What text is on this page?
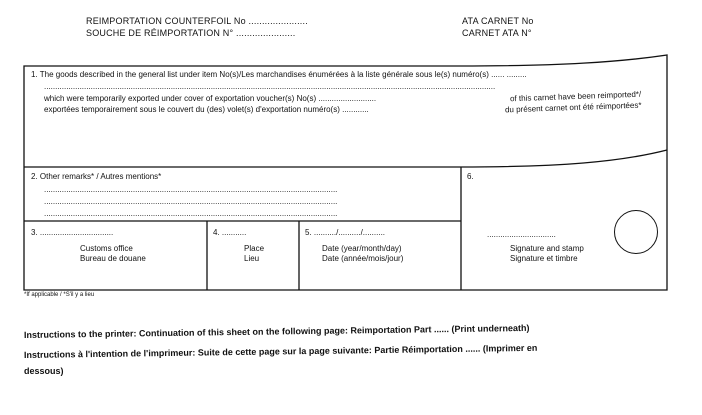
REIMPORTATION COUNTERFOIL No ......................
SOUCHE DE RÉIMPORTATION N° ......................
ATA CARNET No
CARNET ATA N°
1. The goods described in the general list under item No(s)/Les marchandises énumérées à la liste générale sous le(s) numéro(s) ...... .........
...........................................................................................................................................................................................................
which were temporarily exported under cover of exportation voucher(s) No(s) ..........................	of this carnet have been reimported*/
exportées temporairement sous le couvert du (des) volet(s) d'exportation numéro(s) ............	du présent carnet ont été réimportées*
2. Other remarks* / Autres mentions*
....................................................................................................................................
....................................................................................................................................
....................................................................................................................................
3. .................................
Customs office
Bureau de douane
4. ...........
Place
Lieu
5. ........../........../..........
Date (year/month/day)
Date (année/mois/jour)
6.
...............................
Signature and stamp
Signature et timbre
*If applicable / *S'il y a lieu
Instructions to the printer: Continuation of this sheet on the following page: Reimportation Part ...... (Print underneath)
Instructions à l'intention de l'imprimeur: Suite de cette page sur la page suivante: Partie Réimportation ...... (Imprimer en
dessous)
